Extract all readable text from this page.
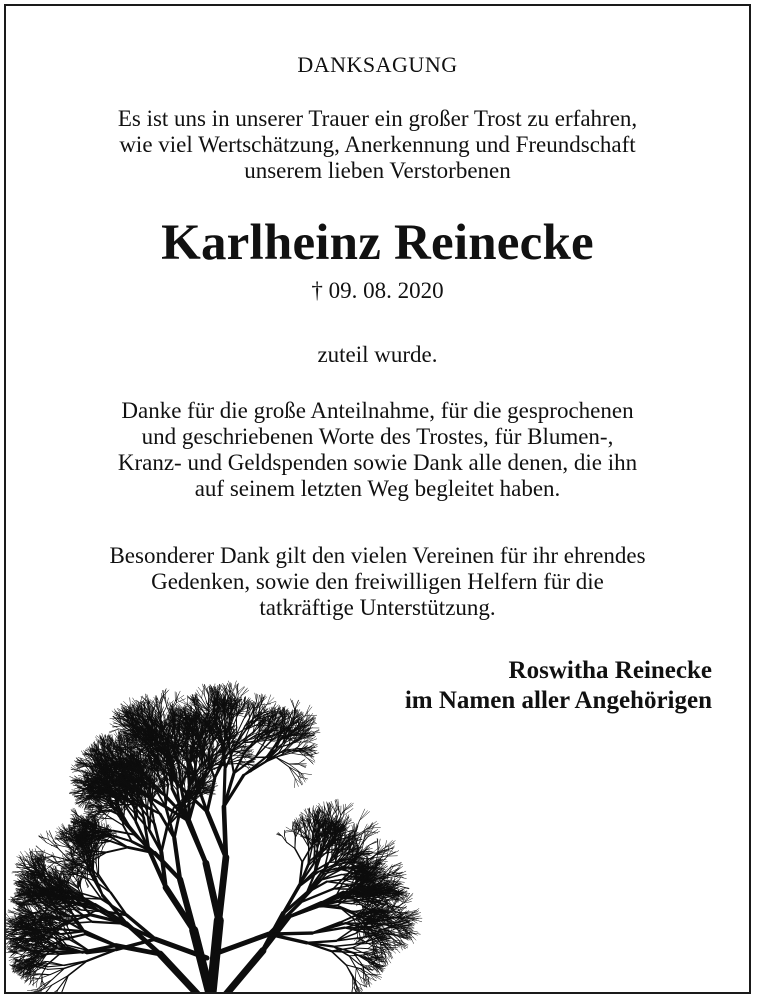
DANKSAGUNG
Es ist uns in unserer Trauer ein großer Trost zu erfahren,
wie viel Wertschätzung, Anerkennung und Freundschaft
unserem lieben Verstorbenen
Karlheinz Reinecke
† 09. 08. 2020
zuteil wurde.
Danke für die große Anteilnahme, für die gesprochenen
und geschriebenen Worte des Trostes, für Blumen-,
Kranz- und Geldspenden sowie Dank alle denen, die ihn
auf seinem letzten Weg begleitet haben.
Besonderer Dank gilt den vielen Vereinen für ihr ehrendes
Gedenken, sowie den freiwilligen Helfern für die
tatkräftige Unterstützung.
Roswitha Reinecke
im Namen aller Angehörigen
